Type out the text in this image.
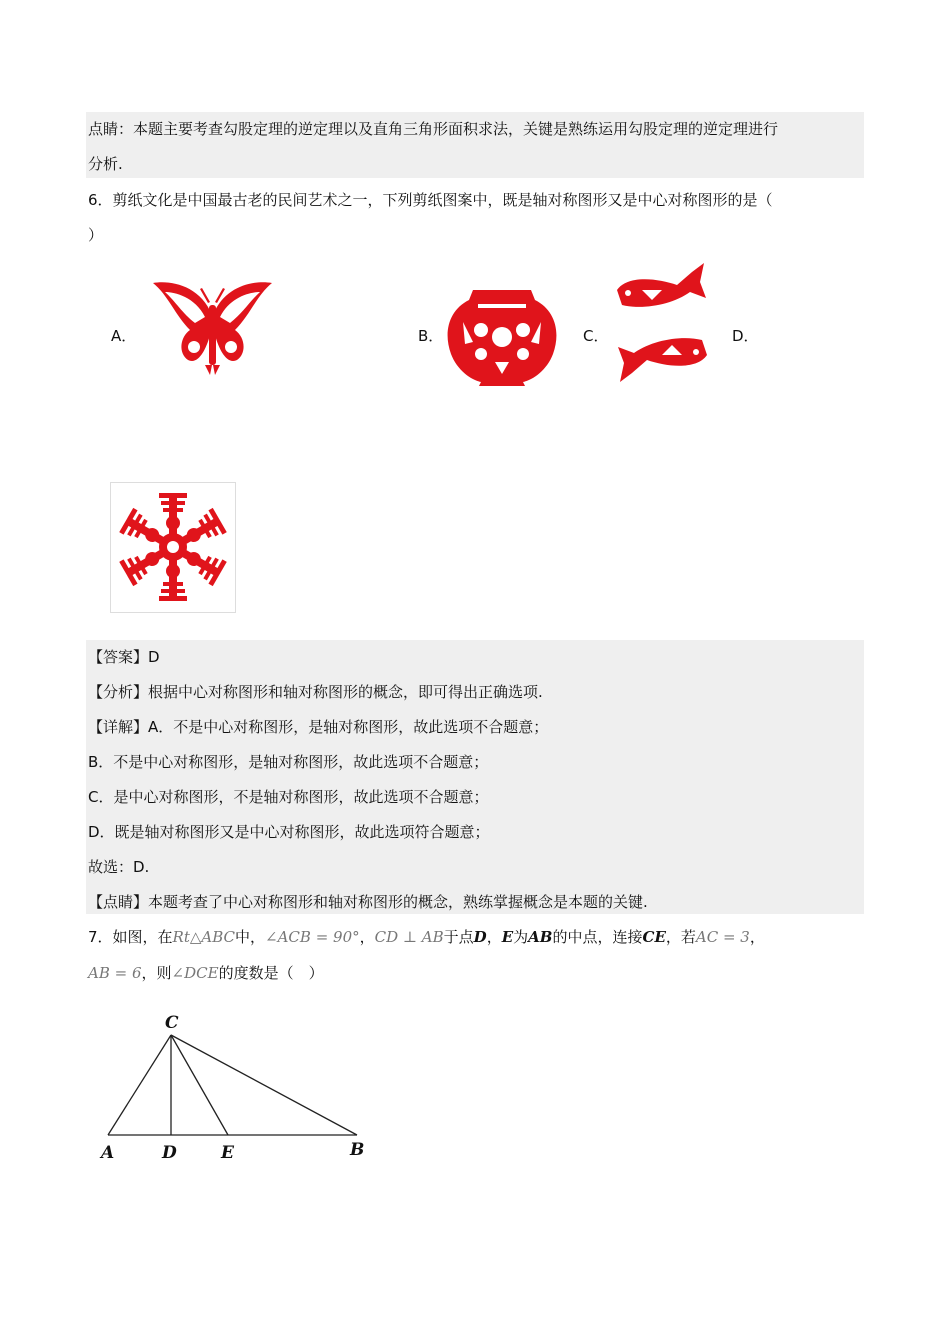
点睛：本题主要考查勾股定理的逆定理以及直角三角形面积求法，关键是熟练运用勾股定理的逆定理进行
分析.
6．剪纸文化是中国最古老的民间艺术之一，下列剪纸图案中，既是轴对称图形又是中心对称图形的是（
）
A．	B．	C．	D．
【答案】D
【分析】根据中心对称图形和轴对称图形的概念，即可得出正确选项.
【详解】A．不是中心对称图形，是轴对称图形，故此选项不合题意；
B．不是中心对称图形，是轴对称图形，故此选项不合题意；
C．是中心对称图形，不是轴对称图形，故此选项不合题意；
D．既是轴对称图形又是中心对称图形，故此选项符合题意；
故选：D.
【点睛】本题考查了中心对称图形和轴对称图形的概念，熟练掌握概念是本题的关键.
7．如图，在Rt△ABC中，∠ACB = 90°，CD ⊥ AB于点D，E为AB的中点，连接CE，若AC = 3，
AB = 6，则∠DCE的度数是（　）
C
A	D	E	B
